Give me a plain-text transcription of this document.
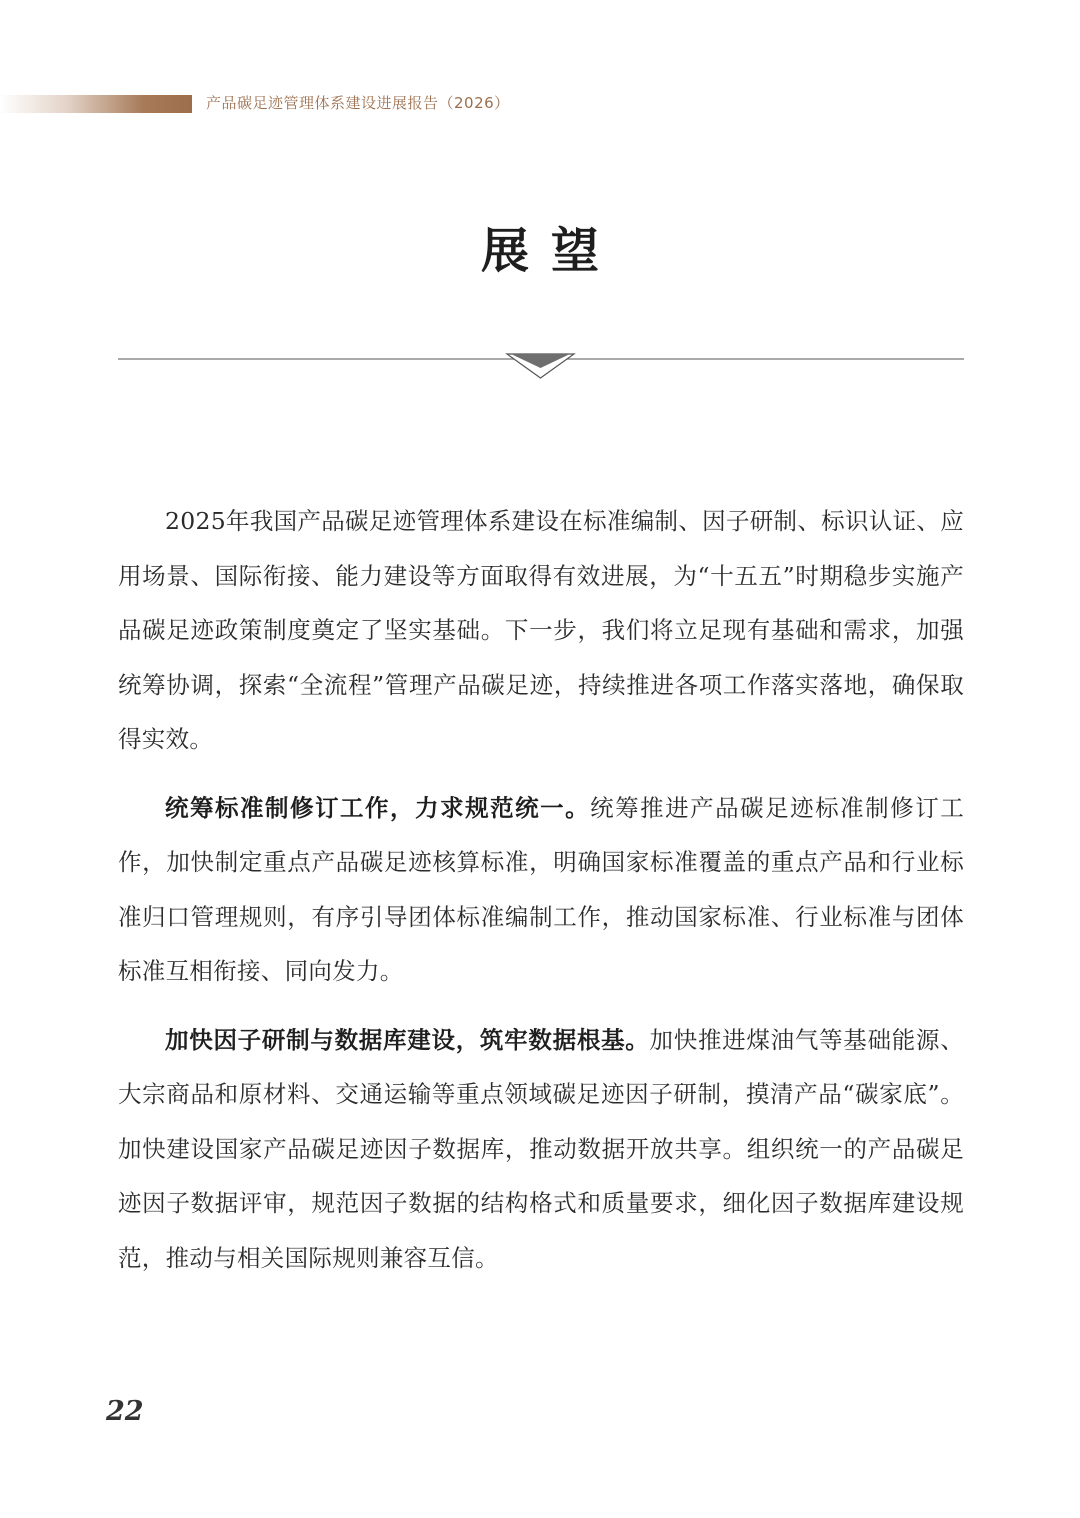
产品碳足迹管理体系建设进展报告（2026）
展望

2025年我国产品碳足迹管理体系建设在标准编制、因子研制、标识认证、应用场景、国际衔接、能力建设等方面取得有效进展，为“十五五”时期稳步实施产品碳足迹政策制度奠定了坚实基础。下一步，我们将立足现有基础和需求，加强统筹协调，探索“全流程”管理产品碳足迹，持续推进各项工作落实落地，确保取得实效。

统筹标准制修订工作，力求规范统一。统筹推进产品碳足迹标准制修订工作，加快制定重点产品碳足迹核算标准，明确国家标准覆盖的重点产品和行业标准归口管理规则，有序引导团体标准编制工作，推动国家标准、行业标准与团体标准互相衔接、同向发力。

加快因子研制与数据库建设，筑牢数据根基。加快推进煤油气等基础能源、大宗商品和原材料、交通运输等重点领域碳足迹因子研制，摸清产品“碳家底”。加快建设国家产品碳足迹因子数据库，推动数据开放共享。组织统一的产品碳足迹因子数据评审，规范因子数据的结构格式和质量要求，细化因子数据库建设规范，推动与相关国际规则兼容互信。

22
